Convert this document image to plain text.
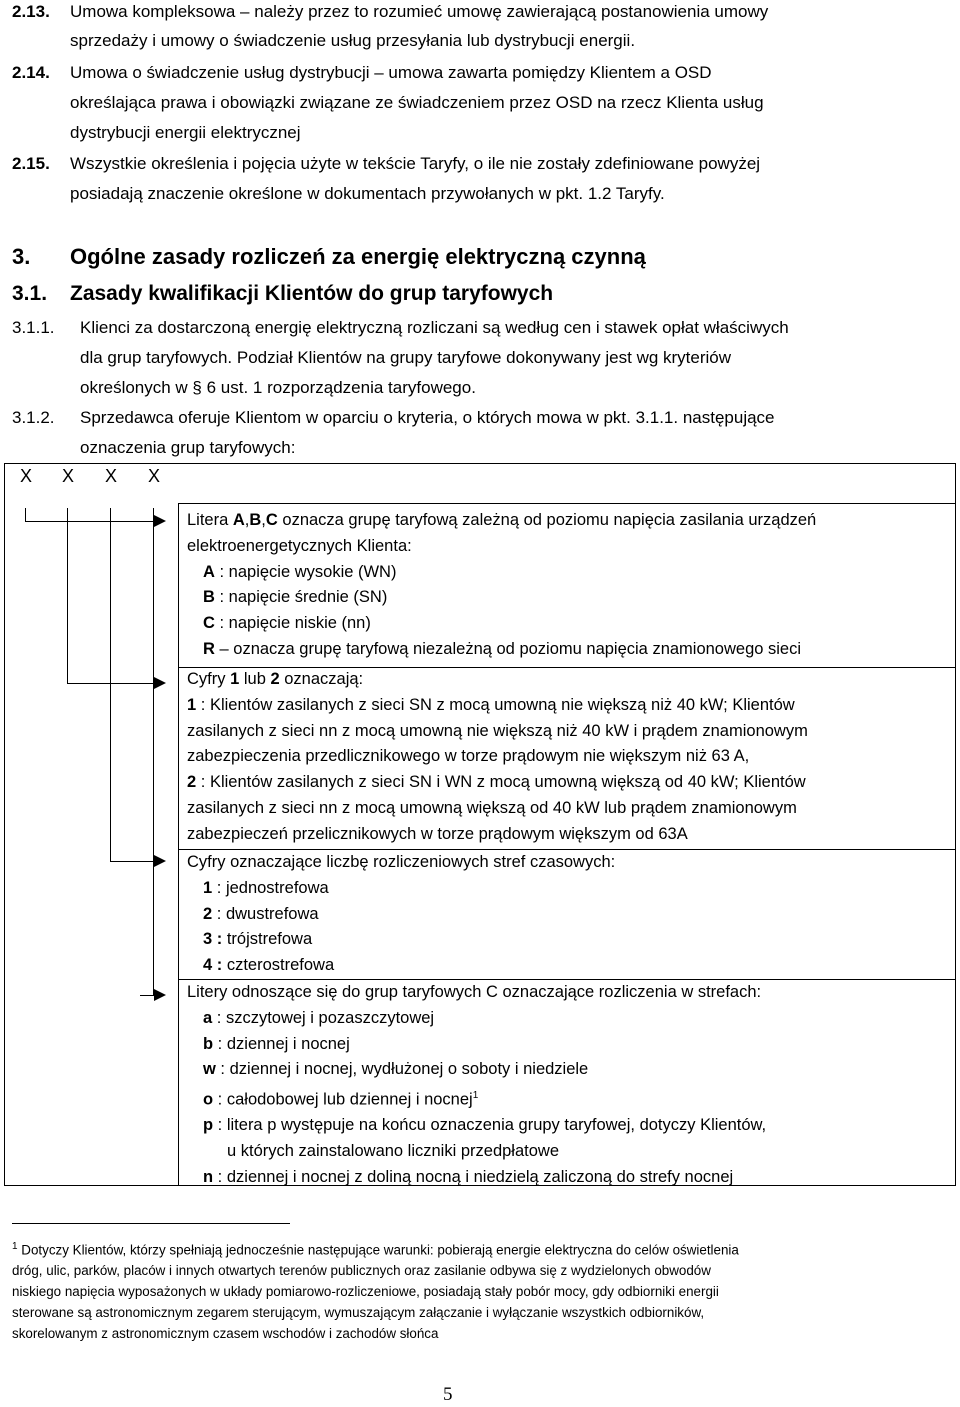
2.13. Umowa kompleksowa – należy przez to rozumieć umowę zawierającą postanowienia umowy
sprzedaży i umowy o świadczenie usług przesyłania lub dystrybucji energii.
2.14. Umowa o świadczenie usług dystrybucji – umowa zawarta pomiędzy Klientem a OSD
określająca prawa i obowiązki związane ze świadczeniem przez OSD na rzecz Klienta usług
dystrybucji energii elektrycznej
2.15. Wszystkie określenia i pojęcia użyte w tekście Taryfy, o ile nie zostały zdefiniowane powyżej
posiadają znaczenie określone w dokumentach przywołanych w pkt. 1.2 Taryfy.
3. Ogólne zasady rozliczeń za energię elektryczną czynną
3.1. Zasady kwalifikacji Klientów do grup taryfowych
3.1.1. Klienci za dostarczoną energię elektryczną rozliczani są według cen i stawek opłat właściwych
dla grup taryfowych. Podział Klientów na grupy taryfowe dokonywany jest wg kryteriów
określonych w § 6 ust. 1 rozporządzenia taryfowego.
3.1.2. Sprzedawca oferuje Klientom w oparciu o kryteria, o których mowa w pkt. 3.1.1. następujące
oznaczenia grup taryfowych:
X X X X
Litera A,B,C oznacza grupę taryfową zależną od poziomu napięcia zasilania urządzeń
elektroenergetycznych Klienta:
A : napięcie wysokie (WN)
B : napięcie średnie (SN)
C : napięcie niskie (nn)
R – oznacza grupę taryfową niezależną od poziomu napięcia znamionowego sieci
Cyfry 1 lub 2 oznaczają:
1 : Klientów zasilanych z sieci SN z mocą umowną nie większą niż 40 kW; Klientów
zasilanych z sieci nn z mocą umowną nie większą niż 40 kW i prądem znamionowym
zabezpieczenia przedlicznikowego w torze prądowym nie większym niż 63 A,
2 : Klientów zasilanych z sieci SN i WN z mocą umowną większą od 40 kW; Klientów
zasilanych z sieci nn z mocą umowną większą od 40 kW lub prądem znamionowym
zabezpieczeń przelicznikowych w torze prądowym większym od 63A
Cyfry oznaczające liczbę rozliczeniowych stref czasowych:
1 : jednostrefowa
2 : dwustrefowa
3 : trójstrefowa
4 : czterostrefowa
Litery odnoszące się do grup taryfowych C oznaczające rozliczenia w strefach:
a : szczytowej i pozaszczytowej
b : dziennej i nocnej
w : dziennej i nocnej, wydłużonej o soboty i niedziele
o : całodobowej lub dziennej i nocnej$^1$
p : litera p występuje na końcu oznaczenia grupy taryfowej, dotyczy Klientów,
u których zainstalowano liczniki przedpłatowe
n : dziennej i nocnej z doliną nocną i niedzielą zaliczoną do strefy nocnej
$^1$ Dotyczy Klientów, którzy spełniają jednocześnie następujące warunki: pobierają energie elektryczna do celów oświetlenia
dróg, ulic, parków, placów i innych otwartych terenów publicznych oraz zasilanie odbywa się z wydzielonych obwodów
niskiego napięcia wyposażonych w układy pomiarowo-rozliczeniowe, posiadają stały pobór mocy, gdy odbiorniki energii
sterowane są astronomicznym zegarem sterującym, wymuszającym załączanie i wyłączanie wszystkich odbiorników,
skorelowanym z astronomicznym czasem wschodów i zachodów słońca
5
